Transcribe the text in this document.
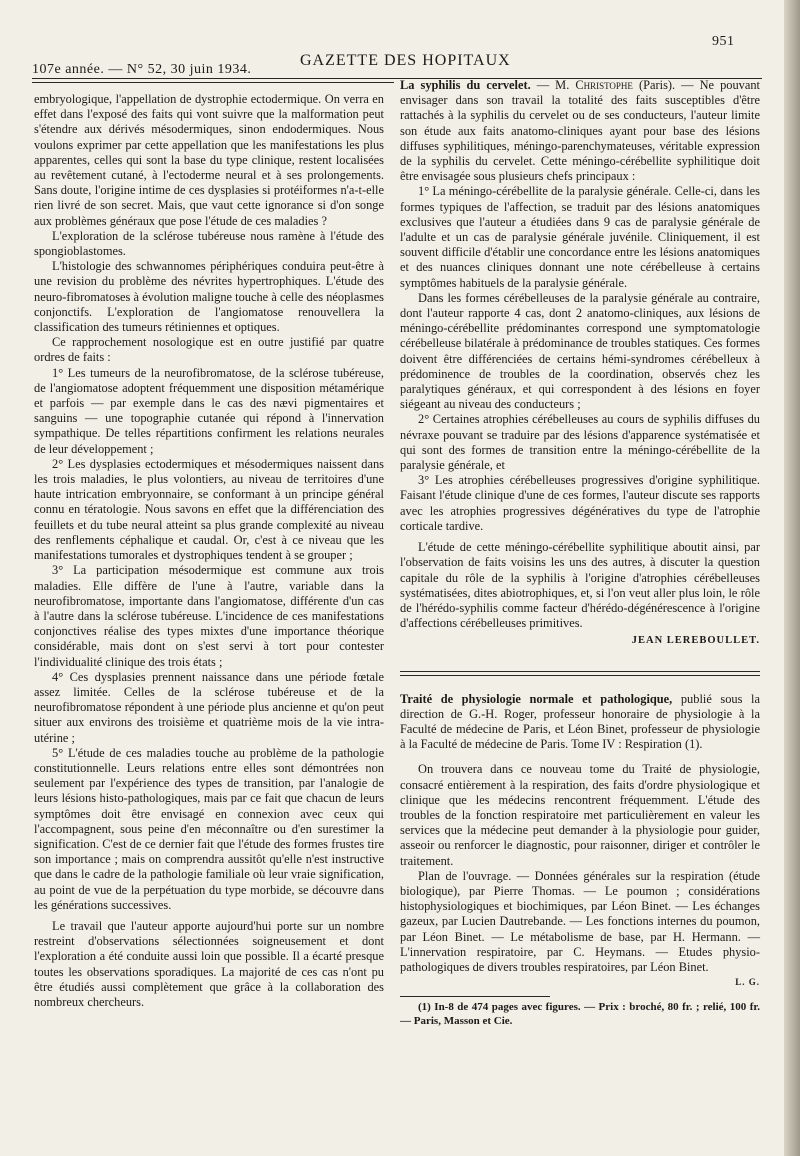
951
107e année. — N° 52, 30 juin 1934.
GAZETTE DES HOPITAUX

embryologique, l'appellation de dystrophie ectodermique. On verra en effet dans l'exposé des faits qui vont suivre que la malformation peut s'étendre aux dérivés mésodermiques, sinon endodermiques. Nous voulons exprimer par cette appellation que les manifestations les plus apparentes, celles qui sont la base du type clinique, restent localisées au revêtement cutané, à l'ectoderme neural et à ses prolongements. Sans doute, l'origine intime de ces dysplasies si protéiformes n'a-t-elle rien livré de son secret. Mais, que vaut cette ignorance si d'on songe aux problèmes généraux que pose l'étude de ces maladies ?

L'exploration de la sclérose tubéreuse nous ramène à l'étude des spongioblastomes.

L'histologie des schwannomes périphériques conduira peut-être à une revision du problème des névrites hypertrophiques. L'étude des neuro-fibromatoses à évolution maligne touche à celle des néoplasmes conjonctifs. L'exploration de l'angiomatose renouvellera la classification des tumeurs rétiniennes et optiques.

Ce rapprochement nosologique est en outre justifié par quatre ordres de faits :

1° Les tumeurs de la neurofibromatose, de la sclérose tubéreuse, de l'angiomatose adoptent fréquemment une disposition métamérique et parfois — par exemple dans le cas des nævi pigmentaires et sanguins — une topographie cutanée qui répond à l'innervation sympathique. De telles répartitions confirment les relations neurales de leur développement ;

2° Les dysplasies ectodermiques et mésodermiques naissent dans les trois maladies, le plus volontiers, au niveau de territoires d'une haute intrication embryonnaire, se conformant à un principe général connu en tératologie. Nous savons en effet que la différenciation des feuillets et du tube neural atteint sa plus grande complexité au niveau des renflements céphalique et caudal. Or, c'est à ce niveau que les manifestations tumorales et dystrophiques tendent à se grouper ;

3° La participation mésodermique est commune aux trois maladies. Elle diffère de l'une à l'autre, variable dans la neurofibromatose, importante dans l'angiomatose, différente d'un cas à l'autre dans la sclérose tubéreuse. L'incidence de ces manifestations conjonctives réalise des types mixtes d'une importance théorique considérable, mais dont on s'est servi à tort pour contester l'individualité clinique des trois états ;

4° Ces dysplasies prennent naissance dans une période fœtale assez limitée. Celles de la sclérose tubéreuse et de la neurofibromatose répondent à une période plus ancienne et qu'on peut situer aux environs des troisième et quatrième mois de la vie intra-utérine ;

5° L'étude de ces maladies touche au problème de la pathologie constitutionnelle. Leurs relations entre elles sont démontrées non seulement par l'expérience des types de transition, par l'analogie de leurs lésions histo-pathologiques, mais par ce fait que chacun de leurs symptômes doit être envisagé en connexion avec ceux qui l'accompagnent, sous peine d'en méconnaître ou d'en surestimer la signification. C'est de ce dernier fait que l'étude des formes frustes tire son importance ; mais on comprendra aussitôt qu'elle n'est instructive que dans le cadre de la pathologie familiale où leur vraie signification, au point de vue de la perpétuation du type morbide, se découvre dans les générations successives.

Le travail que l'auteur apporte aujourd'hui porte sur un nombre restreint d'observations sélectionnées soigneusement et dont l'exploration a été conduite aussi loin que possible. Il a écarté presque toutes les observations sporadiques. La majorité de ces cas n'ont pu être étudiés aussi complètement que grâce à la collaboration des nombreux chercheurs.

La syphilis du cervelet. — M. Christophe (Paris). — Ne pouvant envisager dans son travail la totalité des faits susceptibles d'être rattachés à la syphilis du cervelet ou de ses conducteurs, l'auteur limite son étude aux faits anatomo-cliniques ayant pour base des lésions diffuses syphilitiques, méningo-parenchymateuses, véritable expression de la syphilis du cervelet. Cette méningo-cérébellite syphilitique doit être envisagée sous plusieurs chefs principaux :

1° La méningo-cérébellite de la paralysie générale. Celle-ci, dans les formes typiques de l'affection, se traduit par des lésions anatomiques exclusives que l'auteur a étudiées dans 9 cas de paralysie générale de l'adulte et un cas de paralysie générale juvénile. Cliniquement, il est souvent difficile d'établir une concordance entre les lésions anatomiques et des nuances cliniques donnant une note cérébelleuse à certains symptômes habituels de la paralysie générale.

Dans les formes cérébelleuses de la paralysie générale au contraire, dont l'auteur rapporte 4 cas, dont 2 anatomo-cliniques, aux lésions de méningo-cérébellite prédominantes correspond une symptomatologie cérébelleuse bilatérale à prédominance de troubles statiques. Ces formes doivent être différenciées de certains hémi-syndromes cérébelleux à prédominence de troubles de la coordination, observés chez les paralytiques généraux, et qui correspondent à des lésions en foyer siégeant au niveau des conducteurs ;

2° Certaines atrophies cérébelleuses au cours de syphilis diffuses du névraxe pouvant se traduire par des lésions d'apparence systématisée et qui sont des formes de transition entre la méningo-cérébellite de la paralysie générale, et

3° Les atrophies cérébelleuses progressives d'origine syphilitique. Faisant l'étude clinique d'une de ces formes, l'auteur discute ses rapports avec les atrophies progressives dégénératives du type de l'atrophie corticale tardive.

L'étude de cette méningo-cérébellite syphilitique aboutit ainsi, par l'observation de faits voisins les uns des autres, à discuter la question capitale du rôle de la syphilis à l'origine d'atrophies cérébelleuses systématisées, dites abiotrophiques, et, si l'on veut aller plus loin, le rôle de l'hérédo-syphilis comme facteur d'hérédo-dégénérescence à l'origine d'affections cérébelleuses primitives.

JEAN LEREBOULLET.

Traité de physiologie normale et pathologique, publié sous la direction de G.-H. Roger, professeur honoraire de physiologie à la Faculté de médecine de Paris, et Léon Binet, professeur de physiologie à la Faculté de médecine de Paris. Tome IV : Respiration (1).

On trouvera dans ce nouveau tome du Traité de physiologie, consacré entièrement à la respiration, des faits d'ordre physiologique et clinique que les médecins rencontrent fréquemment. L'étude des troubles de la fonction respiratoire met particulièrement en valeur les services que la médecine peut demander à la physiologie pour guider, asseoir ou renforcer le diagnostic, pour raisonner, diriger et contrôler le traitement.

Plan de l'ouvrage. — Données générales sur la respiration (étude biologique), par Pierre Thomas. — Le poumon ; considérations histophysiologiques et biochimiques, par Léon Binet. — Les échanges gazeux, par Lucien Dautrebande. — Les fonctions internes du poumon, par Léon Binet. — Le métabolisme de base, par H. Hermann. — L'innervation respiratoire, par C. Heymans. — Etudes physio-pathologiques de divers troubles respiratoires, par Léon Binet.

L. G.

(1) In-8 de 474 pages avec figures. — Prix : broché, 80 fr. ; relié, 100 fr. — Paris, Masson et Cie.
